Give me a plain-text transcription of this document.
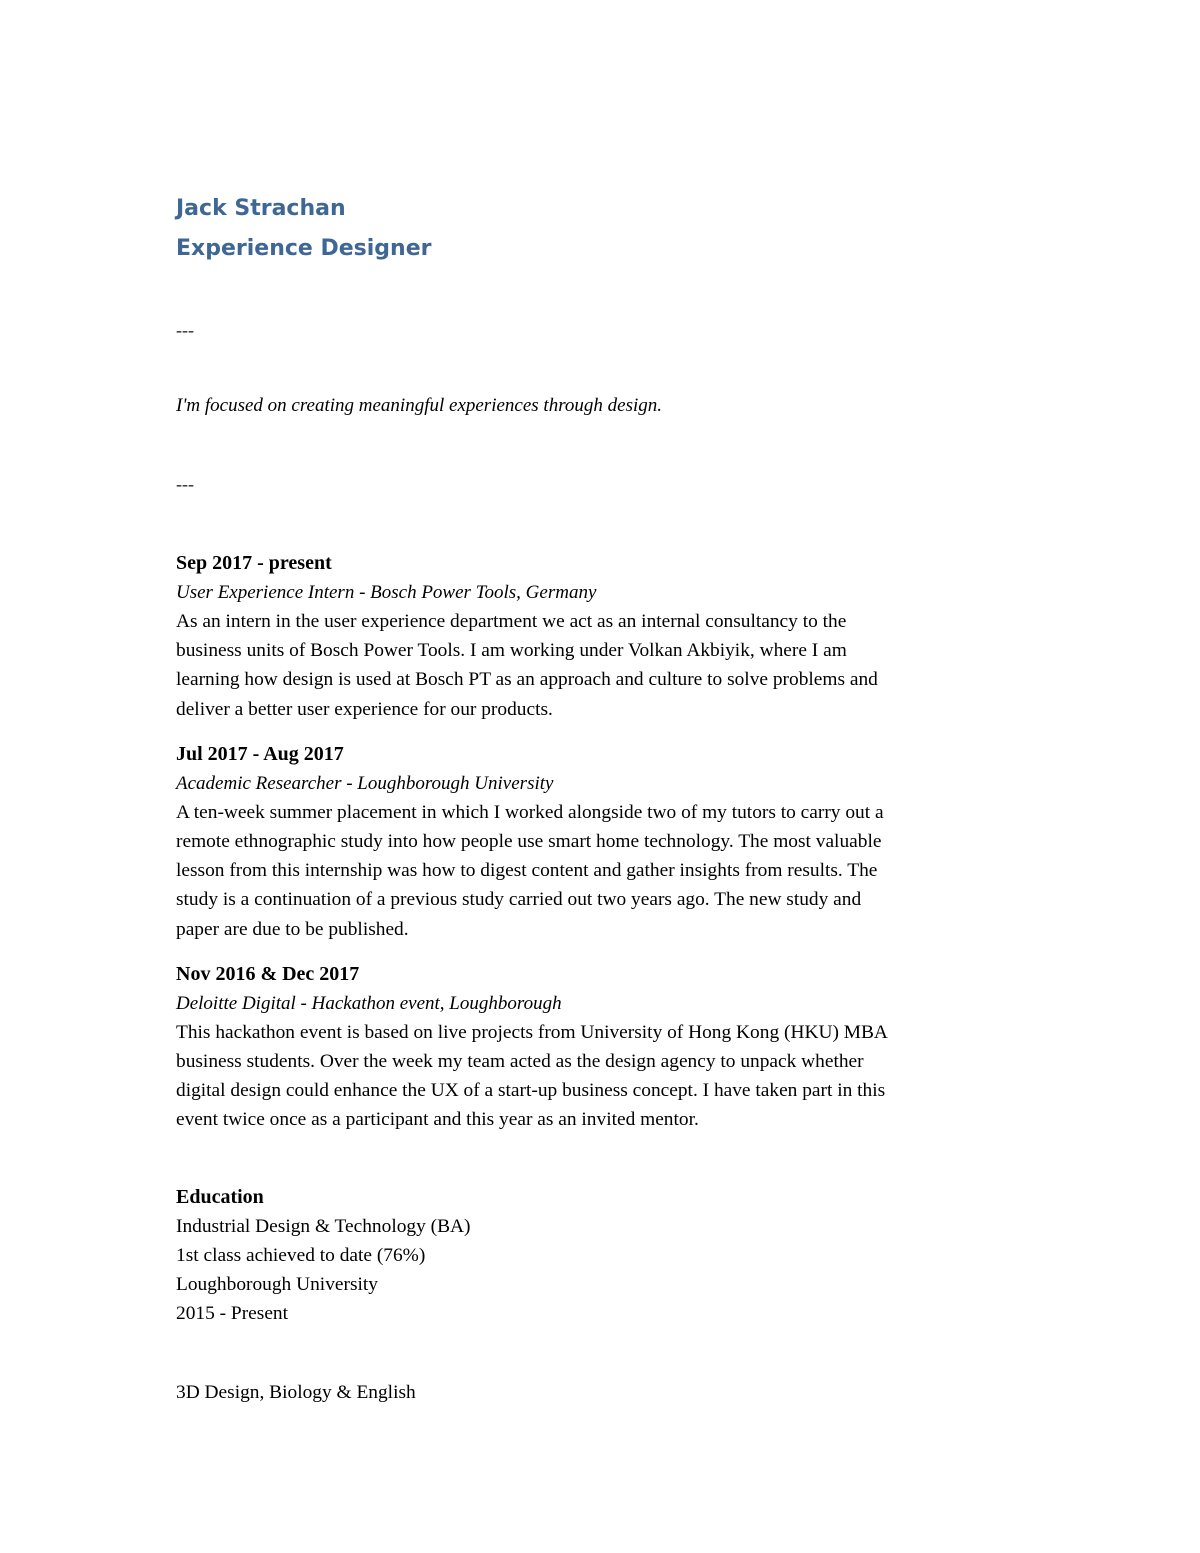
Jack Strachan
Experience Designer
---
I'm focused on creating meaningful experiences through design.
---
Sep 2017 - present
User Experience Intern - Bosch Power Tools, Germany
As an intern in the user experience department we act as an internal consultancy to the
business units of Bosch Power Tools. I am working under Volkan Akbiyik, where I am
learning how design is used at Bosch PT as an approach and culture to solve problems and
deliver a better user experience for our products.
Jul 2017 - Aug 2017
Academic Researcher - Loughborough University
A ten-week summer placement in which I worked alongside two of my tutors to carry out a
remote ethnographic study into how people use smart home technology. The most valuable
lesson from this internship was how to digest content and gather insights from results. The
study is a continuation of a previous study carried out two years ago. The new study and
paper are due to be published.
Nov 2016 & Dec 2017
Deloitte Digital - Hackathon event, Loughborough
This hackathon event is based on live projects from University of Hong Kong (HKU) MBA
business students. Over the week my team acted as the design agency to unpack whether
digital design could enhance the UX of a start-up business concept. I have taken part in this
event twice once as a participant and this year as an invited mentor.
Education
Industrial Design & Technology (BA)
1st class achieved to date (76%)
Loughborough University
2015 - Present
3D Design, Biology & English
